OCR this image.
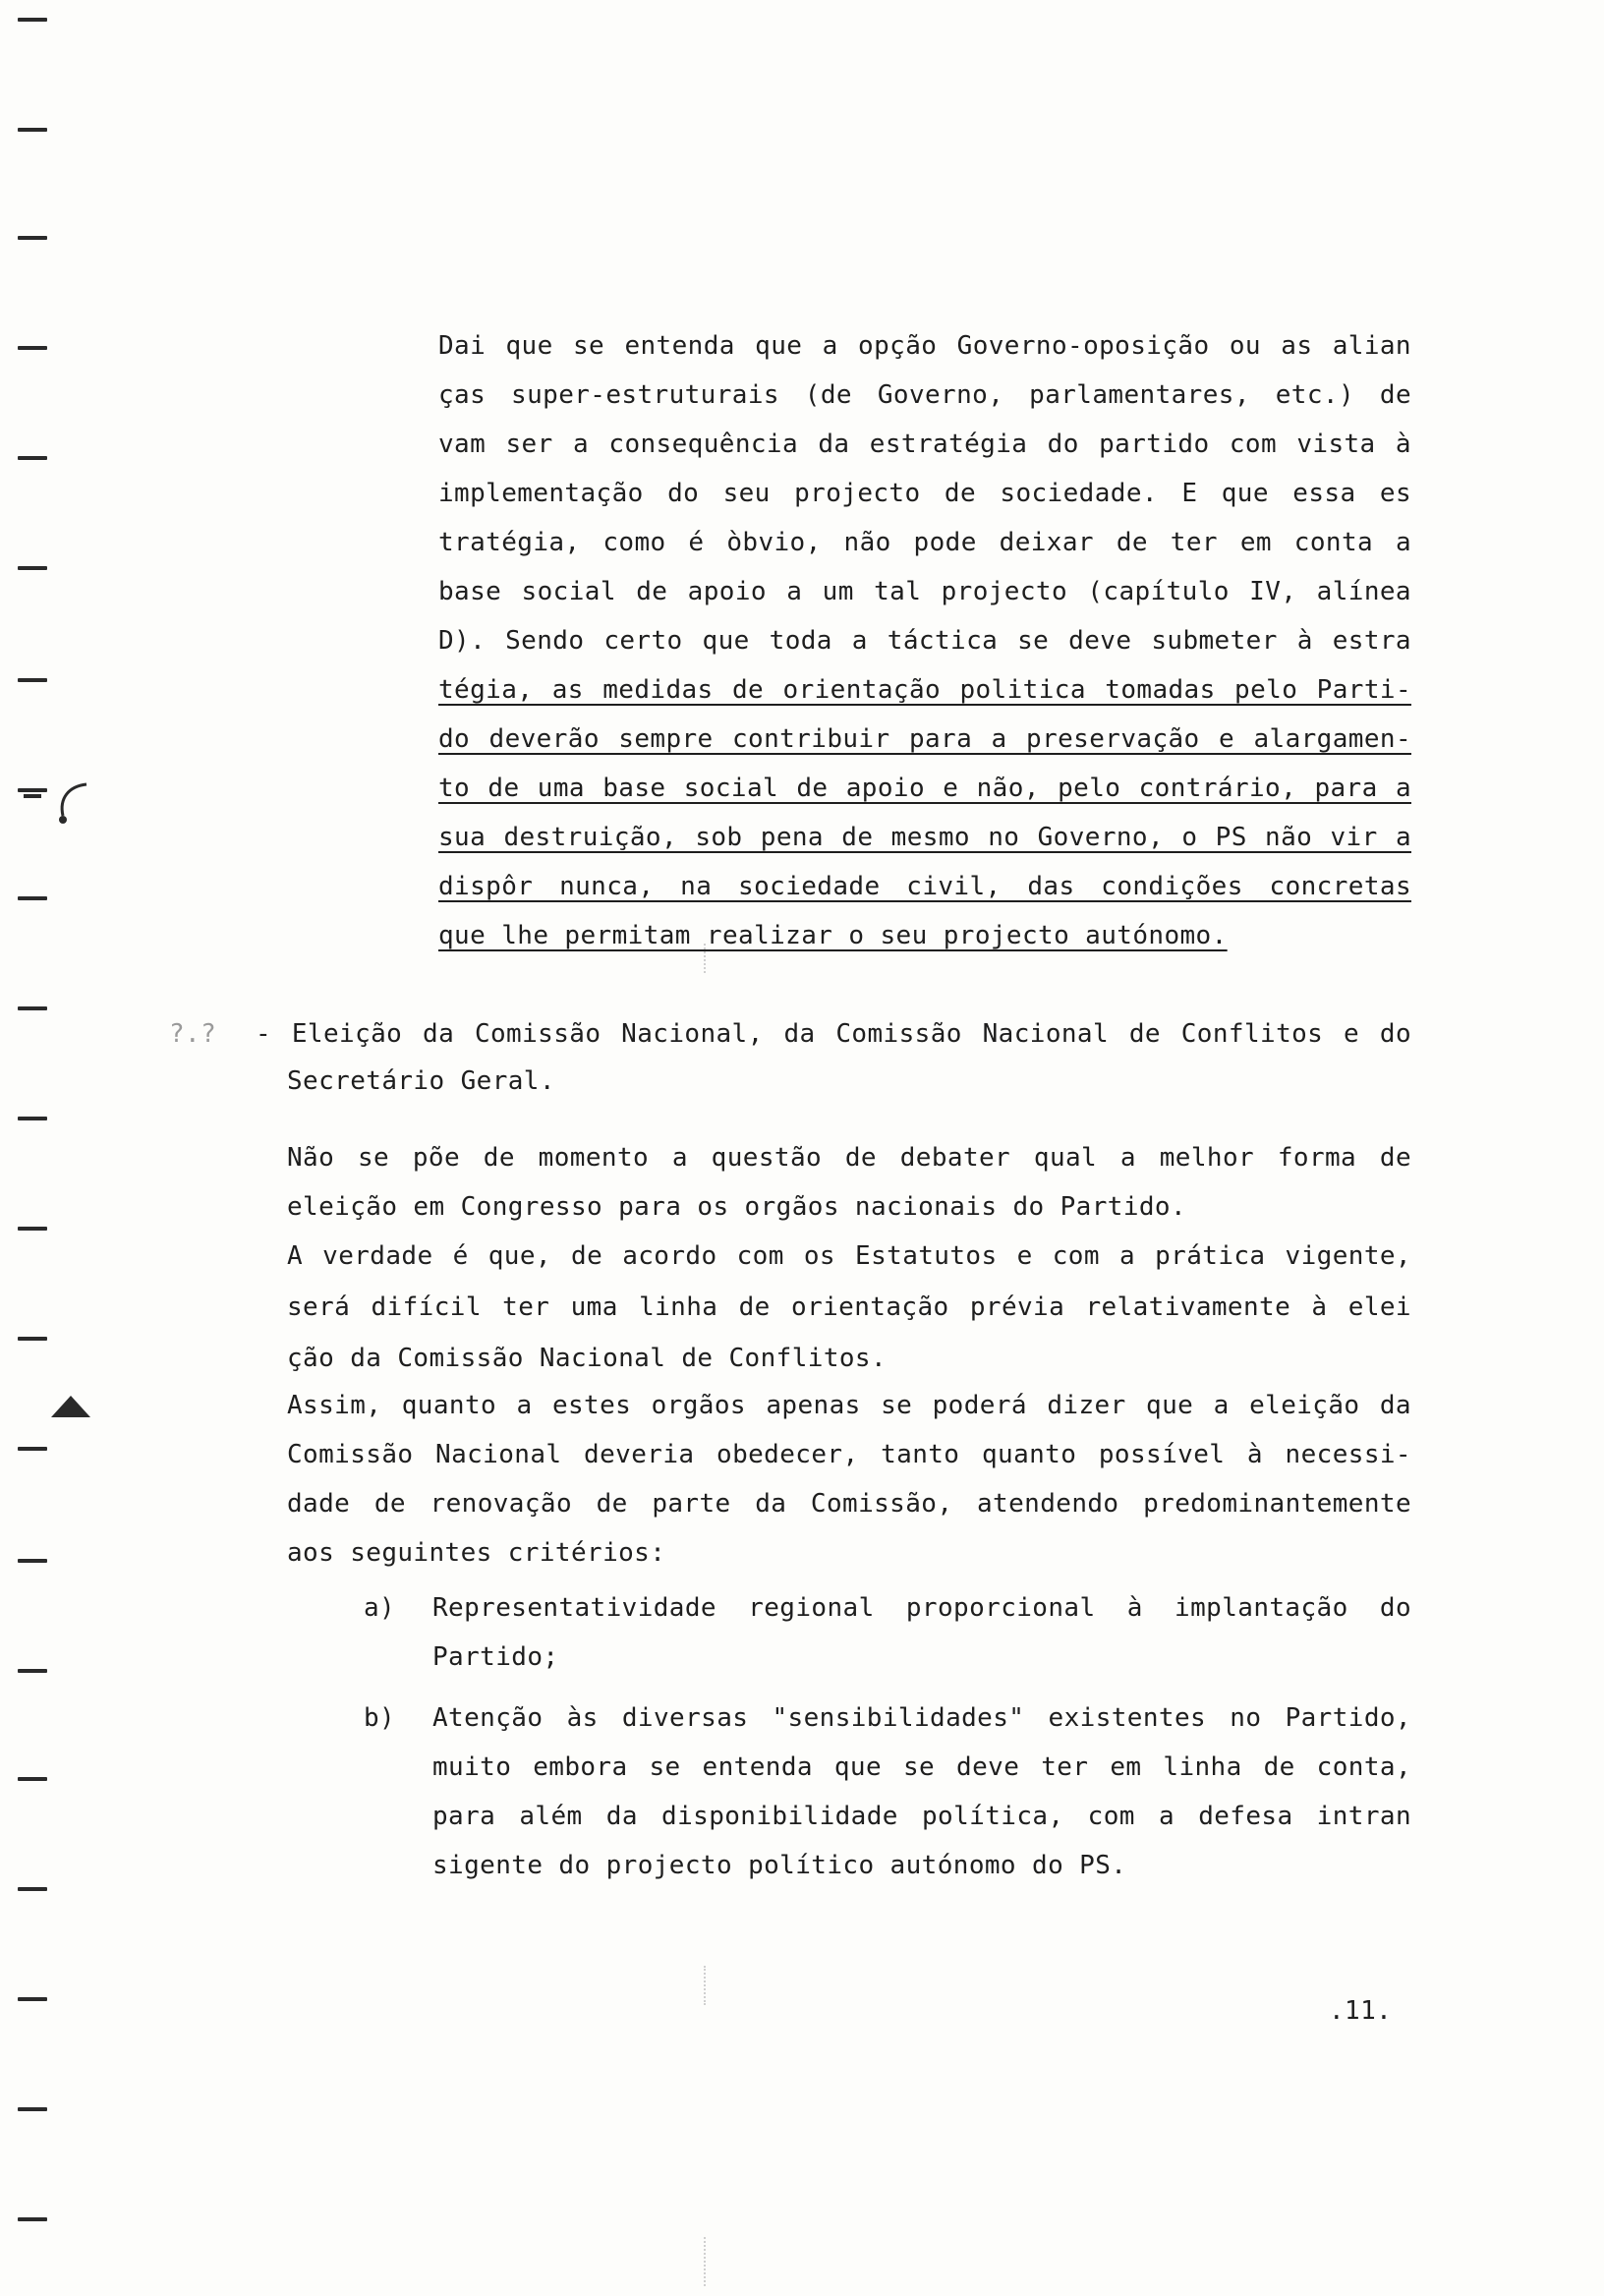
Dai que se entenda que a opção Governo-oposição ou as alian
ças super-estruturais (de Governo, parlamentares, etc.) de
vam ser a consequência da estratégia do partido com vista à
implementação do seu projecto de sociedade. E que essa es
tratégia, como é òbvio, não pode deixar de ter em conta a
base social de apoio a um tal projecto (capítulo IV, alínea
D). Sendo certo que toda a táctica se deve submeter à estra
tégia, as medidas de orientação politica tomadas pelo Parti-
do deverão sempre contribuir para a preservação e alargamen-
to de uma base social de apoio e não, pelo contrário, para a
sua destruição, sob pena de mesmo no Governo, o PS não vir a
dispôr nunca, na sociedade civil, das condições concretas
que lhe permitam realizar o seu projecto autónomo.
?.? - Eleição da Comissão Nacional, da Comissão Nacional de Conflitos e do
Secretário Geral.
Não se põe de momento a questão de debater qual a melhor forma de
eleição em Congresso para os orgãos nacionais do Partido.
A verdade é que, de acordo com os Estatutos e com a prática vigente,
será difícil ter uma linha de orientação prévia relativamente à elei
ção da Comissão Nacional de Conflitos.
Assim, quanto a estes orgãos apenas se poderá dizer que a eleição da
Comissão Nacional deveria obedecer, tanto quanto possível à necessi-
dade de renovação de parte da Comissão, atendendo predominantemente
aos seguintes critérios:
a) Representatividade regional proporcional à implantação do
Partido;
b) Atenção às diversas "sensibilidades" existentes no Partido,
muito embora se entenda que se deve ter em linha de conta,
para além da disponibilidade política, com a defesa intran
sigente do projecto político autónomo do PS.
.11.
